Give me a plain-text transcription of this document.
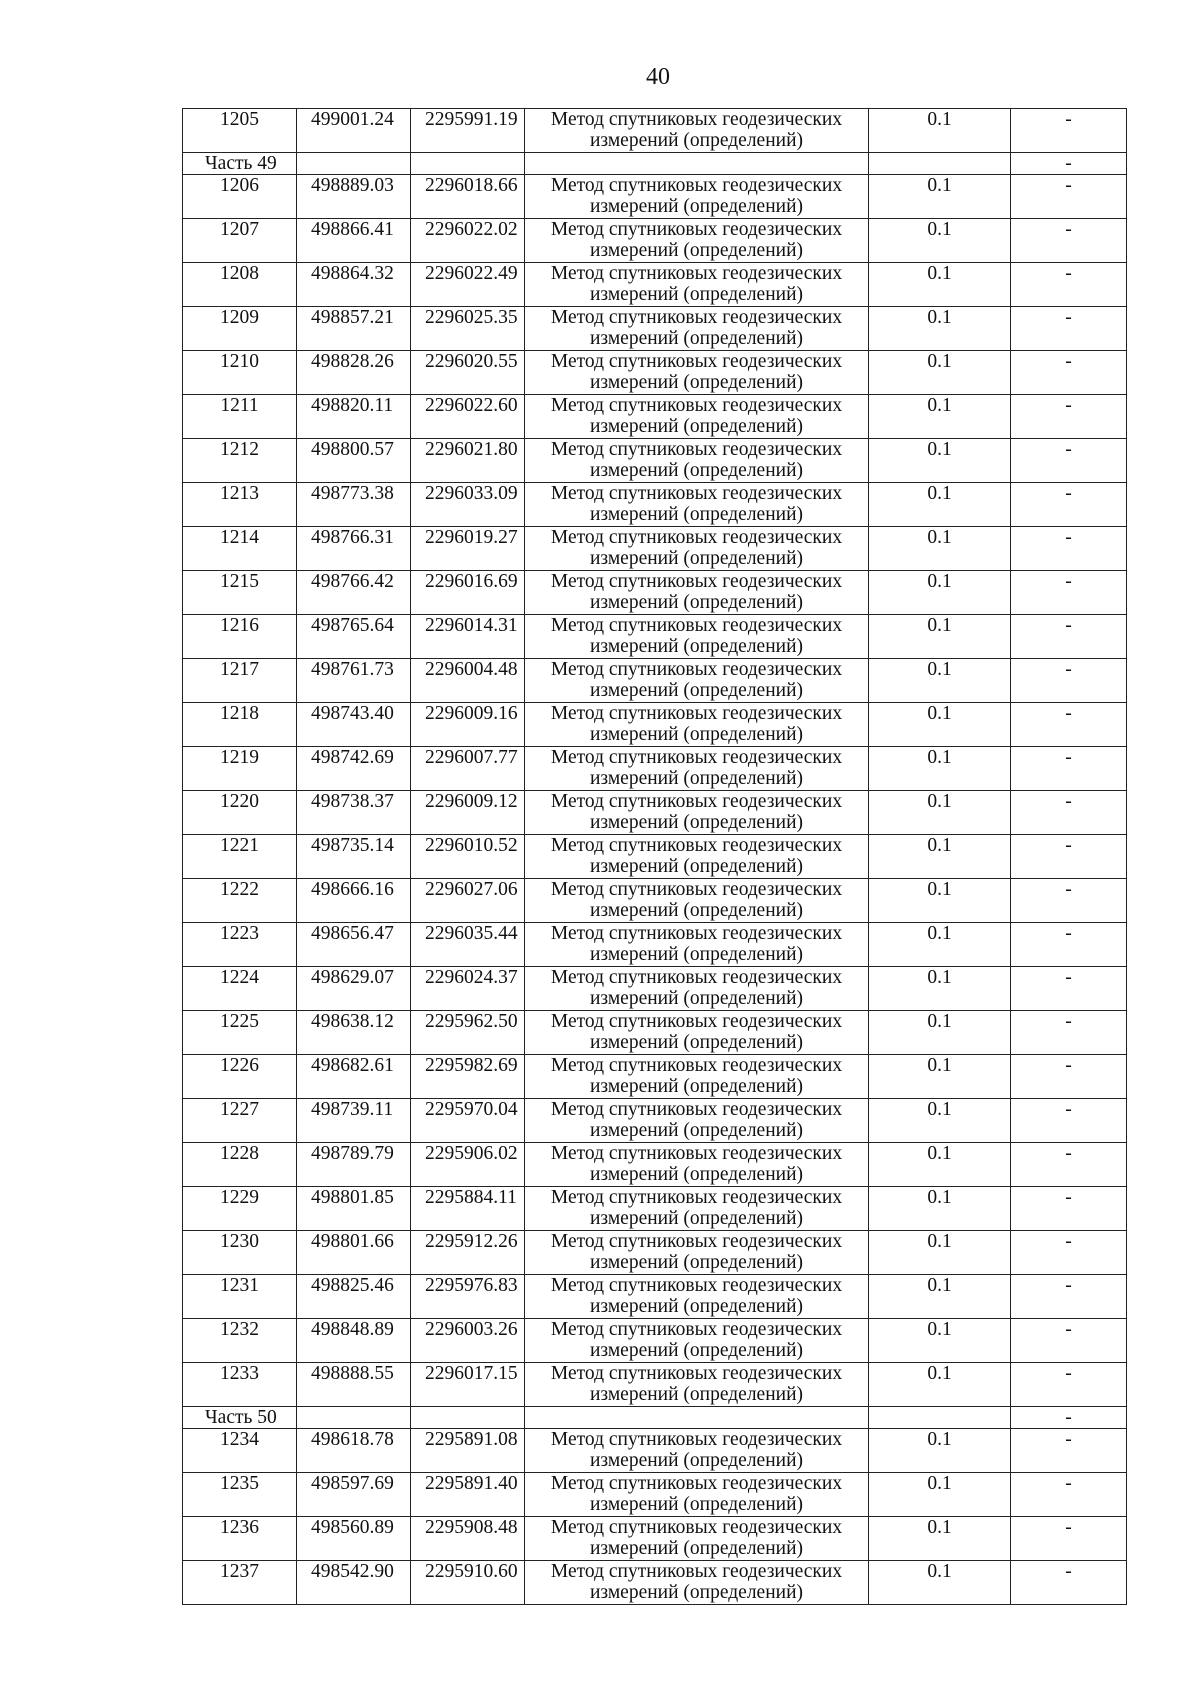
40
1205	499001.24	2295991.19	Метод спутниковых геодезических измерений (определений)	0.1	-
Часть 49					-
1206	498889.03	2296018.66	Метод спутниковых геодезических измерений (определений)	0.1	-
1207	498866.41	2296022.02	Метод спутниковых геодезических измерений (определений)	0.1	-
1208	498864.32	2296022.49	Метод спутниковых геодезических измерений (определений)	0.1	-
1209	498857.21	2296025.35	Метод спутниковых геодезических измерений (определений)	0.1	-
1210	498828.26	2296020.55	Метод спутниковых геодезических измерений (определений)	0.1	-
1211	498820.11	2296022.60	Метод спутниковых геодезических измерений (определений)	0.1	-
1212	498800.57	2296021.80	Метод спутниковых геодезических измерений (определений)	0.1	-
1213	498773.38	2296033.09	Метод спутниковых геодезических измерений (определений)	0.1	-
1214	498766.31	2296019.27	Метод спутниковых геодезических измерений (определений)	0.1	-
1215	498766.42	2296016.69	Метод спутниковых геодезических измерений (определений)	0.1	-
1216	498765.64	2296014.31	Метод спутниковых геодезических измерений (определений)	0.1	-
1217	498761.73	2296004.48	Метод спутниковых геодезических измерений (определений)	0.1	-
1218	498743.40	2296009.16	Метод спутниковых геодезических измерений (определений)	0.1	-
1219	498742.69	2296007.77	Метод спутниковых геодезических измерений (определений)	0.1	-
1220	498738.37	2296009.12	Метод спутниковых геодезических измерений (определений)	0.1	-
1221	498735.14	2296010.52	Метод спутниковых геодезических измерений (определений)	0.1	-
1222	498666.16	2296027.06	Метод спутниковых геодезических измерений (определений)	0.1	-
1223	498656.47	2296035.44	Метод спутниковых геодезических измерений (определений)	0.1	-
1224	498629.07	2296024.37	Метод спутниковых геодезических измерений (определений)	0.1	-
1225	498638.12	2295962.50	Метод спутниковых геодезических измерений (определений)	0.1	-
1226	498682.61	2295982.69	Метод спутниковых геодезических измерений (определений)	0.1	-
1227	498739.11	2295970.04	Метод спутниковых геодезических измерений (определений)	0.1	-
1228	498789.79	2295906.02	Метод спутниковых геодезических измерений (определений)	0.1	-
1229	498801.85	2295884.11	Метод спутниковых геодезических измерений (определений)	0.1	-
1230	498801.66	2295912.26	Метод спутниковых геодезических измерений (определений)	0.1	-
1231	498825.46	2295976.83	Метод спутниковых геодезических измерений (определений)	0.1	-
1232	498848.89	2296003.26	Метод спутниковых геодезических измерений (определений)	0.1	-
1233	498888.55	2296017.15	Метод спутниковых геодезических измерений (определений)	0.1	-
Часть 50					-
1234	498618.78	2295891.08	Метод спутниковых геодезических измерений (определений)	0.1	-
1235	498597.69	2295891.40	Метод спутниковых геодезических измерений (определений)	0.1	-
1236	498560.89	2295908.48	Метод спутниковых геодезических измерений (определений)	0.1	-
1237	498542.90	2295910.60	Метод спутниковых геодезических измерений (определений)	0.1	-
